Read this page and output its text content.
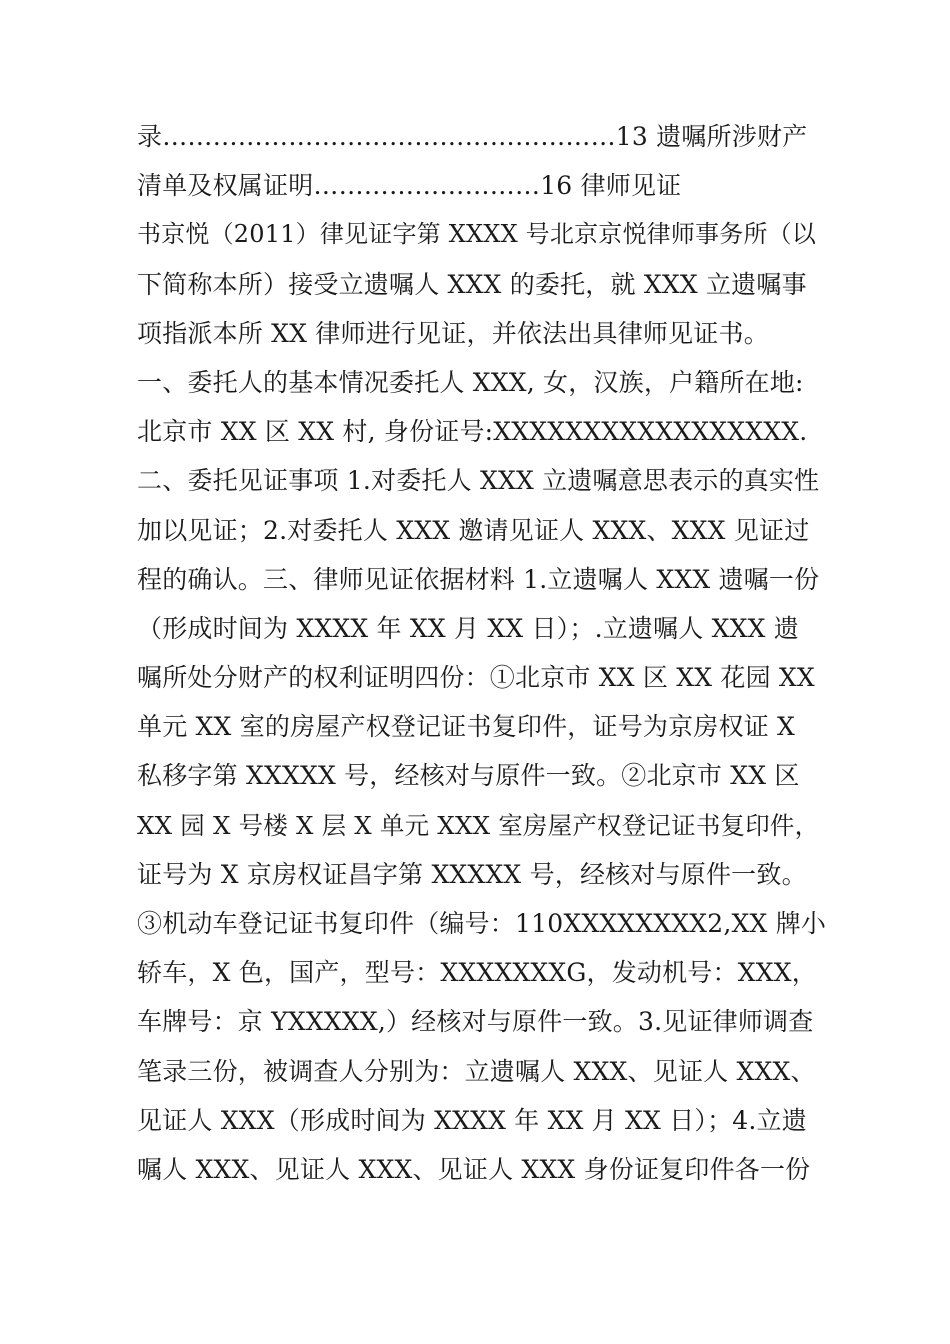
录………………………………………………13 遗嘱所涉财产
清单及权属证明………………………16 律师见证
书京悦（2011）律见证字第 XXXX 号北京京悦律师事务所（以
下简称本所）接受立遗嘱人 XXX 的委托，就 XXX 立遗嘱事
项指派本所 XX 律师进行见证，并依法出具律师见证书。
一、委托人的基本情况委托人 XXX, 女，汉族，户籍所在地:
北京市 XX 区 XX 村, 身份证号:XXXXXXXXXXXXXXXXX.
二、委托见证事项 1.对委托人 XXX 立遗嘱意思表示的真实性
加以见证；2.对委托人 XXX 邀请见证人 XXX、XXX 见证过
程的确认。三、律师见证依据材料 1.立遗嘱人 XXX 遗嘱一份
（形成时间为 XXXX 年 XX 月 XX 日）；.立遗嘱人 XXX 遗
嘱所处分财产的权利证明四份：①北京市 XX 区 XX 花园 XX
单元 XX 室的房屋产权登记证书复印件，证号为京房权证 X
私移字第 XXXXX 号，经核对与原件一致。②北京市 XX 区
XX 园 X 号楼 X 层 X 单元 XXX 室房屋产权登记证书复印件，
证号为 X 京房权证昌字第 XXXXX 号，经核对与原件一致。
③机动车登记证书复印件（编号：110XXXXXXXX2,XX 牌小
轿车，X 色，国产，型号：XXXXXXXG，发动机号：XXX，
车牌号：京 YXXXXX,）经核对与原件一致。3.见证律师调查
笔录三份，被调查人分别为：立遗嘱人 XXX、见证人 XXX、
见证人 XXX（形成时间为 XXXX 年 XX 月 XX 日）；4.立遗
嘱人 XXX、见证人 XXX、见证人 XXX 身份证复印件各一份
